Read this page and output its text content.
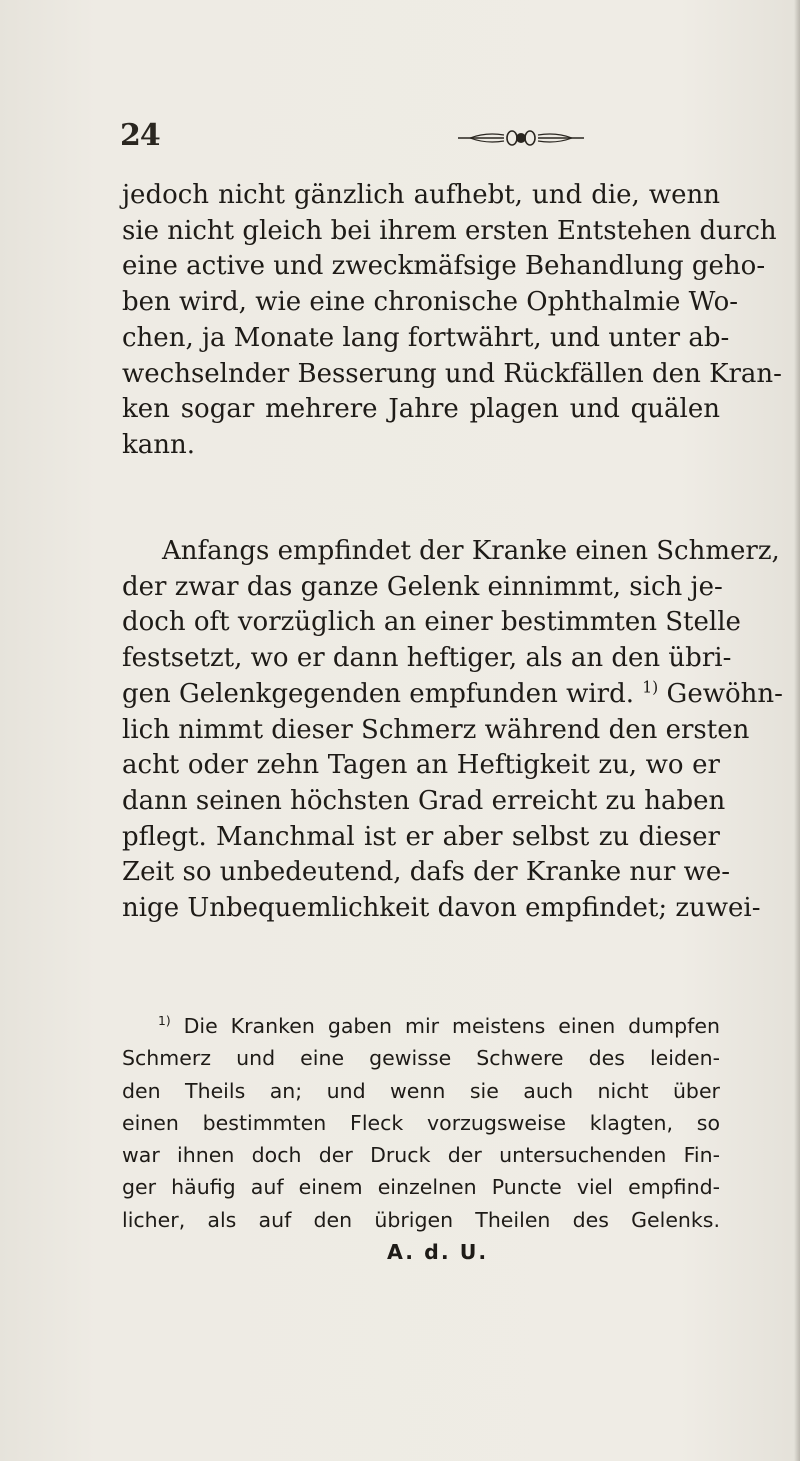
24
jedoch nicht gänzlich aufhebt, und die, wenn
sie nicht gleich bei ihrem ersten Entstehen durch
eine active und zweckmäfsige Behandlung geho-
ben wird, wie eine chronische Ophthalmie Wo-
chen, ja Monate lang fortwährt, und unter ab-
wechselnder Besserung und Rückfällen den Kran-
ken sogar mehrere Jahre plagen und quälen
kann.
Anfangs empfindet der Kranke einen Schmerz,
der zwar das ganze Gelenk einnimmt, sich je-
doch oft vorzüglich an einer bestimmten Stelle
festsetzt, wo er dann heftiger, als an den übri-
gen Gelenkgegenden empfunden wird. $^{1)}$ Gewöhn-
lich nimmt dieser Schmerz während den ersten
acht oder zehn Tagen an Heftigkeit zu, wo er
dann seinen höchsten Grad erreicht zu haben
pflegt. Manchmal ist er aber selbst zu dieser
Zeit so unbedeutend, dafs der Kranke nur we-
nige Unbequemlichkeit davon empfindet; zuwei-
$^{1)}$ Die Kranken gaben mir meistens einen dumpfen
Schmerz und eine gewisse Schwere des leiden-
den Theils an; und wenn sie auch nicht über
einen bestimmten Fleck vorzugsweise klagten, so
war ihnen doch der Druck der untersuchenden Fin-
ger häufig auf einem einzelnen Puncte viel empfind-
licher, als auf den übrigen Theilen des Gelenks.
A. d. U.
